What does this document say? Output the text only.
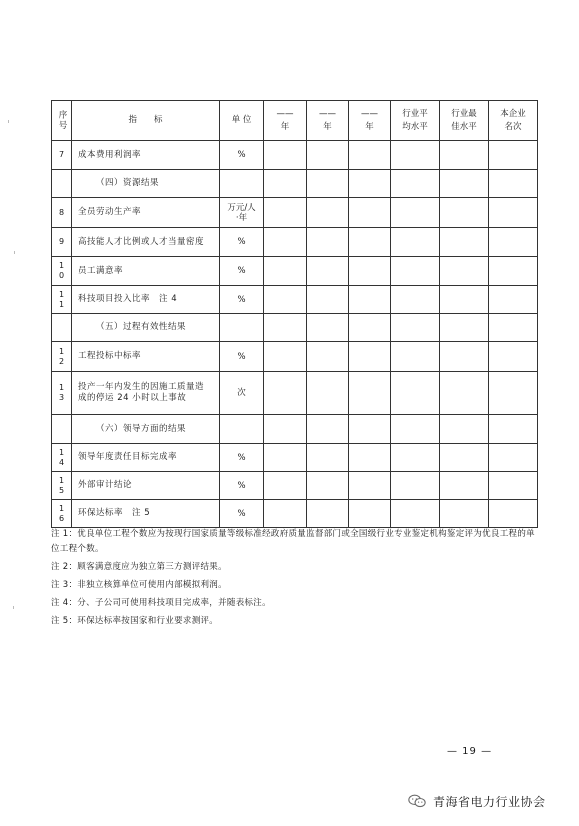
序号	指　　标	单 位	——年	——年	——年	行业平均水平	行业最佳水平	本企业名次
7	成本费用利润率	%						
	（四）资源结果							
8	全员劳动生产率	万元/人·年						
9	高技能人才比例或人才当量密度	%						
10	员工满意率	%						
11	科技项目投入比率　注 4	%						
	（五）过程有效性结果							
12	工程投标中标率	%						
13	投产一年内发生的因施工质量造成的停运 24 小时以上事故	次						
	（六）领导方面的结果							
14	领导年度责任目标完成率	%						
15	外部审计结论	%						
16	环保达标率　注 5	%						

注 1：优良单位工程个数应为按现行国家质量等级标准经政府质量监督部门或全国级行业专业鉴定机构鉴定评为优良工程的单位工程个数。

注 2：顾客满意度应为独立第三方测评结果。

注 3：非独立核算单位可使用内部模拟利润。

注 4：分、子公司可使用科技项目完成率，并随表标注。

注 5：环保达标率按国家和行业要求测评。

— 19 —
青海省电力行业协会
